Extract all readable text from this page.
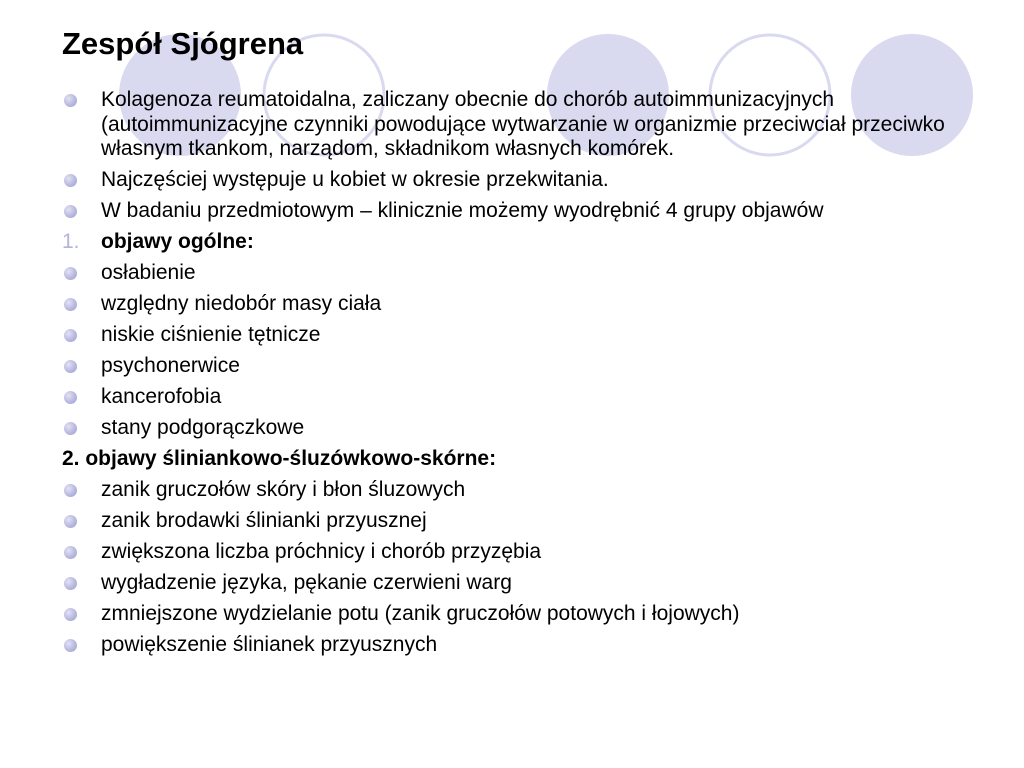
Zespół Sjógrena
Kolagenoza reumatoidalna, zaliczany obecnie do chorób autoimmunizacyjnych (autoimmunizacyjne czynniki powodujące wytwarzanie w organizmie przeciwciał przeciwko własnym tkankom, narządom, składnikom własnych komórek.
Najczęściej występuje u kobiet w okresie przekwitania.
W badaniu przedmiotowym – klinicznie możemy wyodrębnić 4 grupy objawów
1. objawy ogólne:
osłabienie
względny niedobór masy ciała
niskie ciśnienie tętnicze
psychonerwice
kancerofobia
stany podgorączkowe
2. objawy śliniankowo-śluzówkowo-skórne:
zanik gruczołów skóry i błon śluzowych
zanik brodawki ślinianki przyusznej
zwiększona liczba próchnicy i chorób przyzębia
wygładzenie języka, pękanie czerwieni warg
zmniejszone wydzielanie potu (zanik gruczołów potowych i łojowych)
powiększenie ślinianek przyusznych
